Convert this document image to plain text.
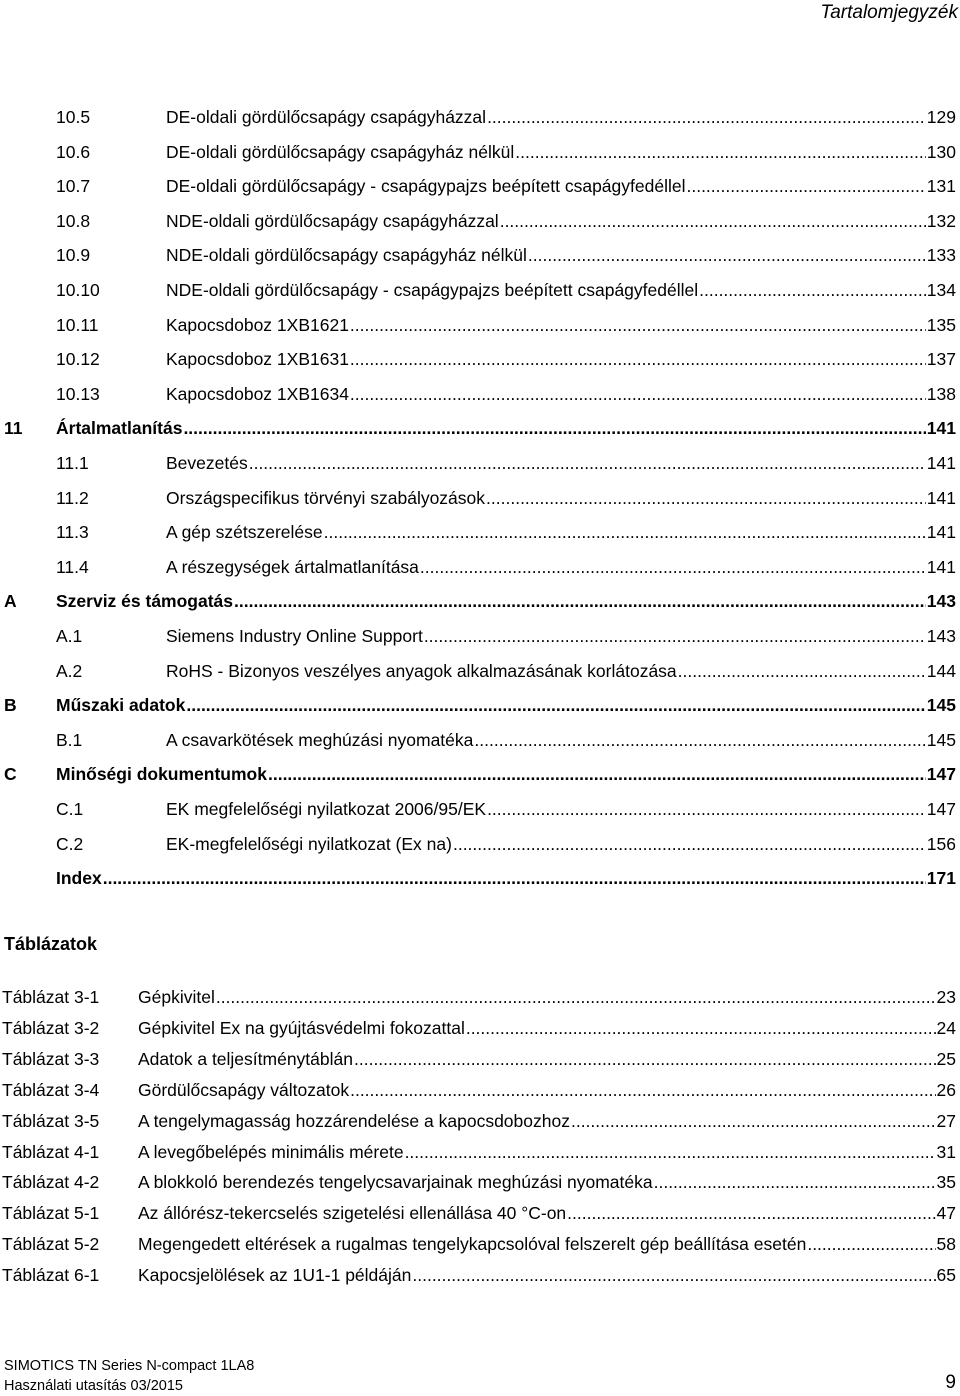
Tartalomjegyzék
10.5	DE-oldali gördülőcsapágy csapágyházzal .....	129
10.6	DE-oldali gördülőcsapágy csapágyház nélkül .....	130
10.7	DE-oldali gördülőcsapágy - csapágypajzs beépített csapágyfedéllel .....	131
10.8	NDE-oldali gördülőcsapágy csapágyházzal .....	132
10.9	NDE-oldali gördülőcsapágy csapágyház nélkül .....	133
10.10	NDE-oldali gördülőcsapágy - csapágypajzs beépített csapágyfedéllel .....	134
10.11	Kapocsdoboz 1XB1621 .....	135
10.12	Kapocsdoboz 1XB1631 .....	137
10.13	Kapocsdoboz 1XB1634 .....	138
11 Ártalmatlanítás .....	141
11.1	Bevezetés .....	141
11.2	Országspecifikus törvényi szabályozások .....	141
11.3	A gép szétszerelése .....	141
11.4	A részegységek ártalmatlanítása .....	141
A Szerviz és támogatás .....	143
A.1	Siemens Industry Online Support .....	143
A.2	RoHS - Bizonyos veszélyes anyagok alkalmazásának korlátozása .....	144
B Műszaki adatok .....	145
B.1	A csavarkötések meghúzási nyomatéka .....	145
C Minőségi dokumentumok .....	147
C.1	EK megfelelőségi nyilatkozat 2006/95/EK .....	147
C.2	EK-megfelelőségi nyilatkozat (Ex na) .....	156
Index .....	171
Táblázatok
Táblázat 3-1 Gépkivitel .....	23
Táblázat 3-2 Gépkivitel Ex na gyújtásvédelmi fokozattal .....	24
Táblázat 3-3 Adatok a teljesítménytáblán .....	25
Táblázat 3-4 Gördülőcsapágy változatok .....	26
Táblázat 3-5 A tengelymagasság hozzárendelése a kapocsdobozhoz .....	27
Táblázat 4-1 A levegőbelépés minimális mérete .....	31
Táblázat 4-2 A blokkoló berendezés tengelycsavarjainak meghúzási nyomatéka .....	35
Táblázat 5-1 Az állórész-tekercselés szigetelési ellenállása 40 °C-on .....	47
Táblázat 5-2 Megengedett eltérések a rugalmas tengelykapcsolóval felszerelt gép beállítása esetén .....	58
Táblázat 6-1 Kapocsjelölések az 1U1-1 példáján .....	65
SIMOTICS TN Series N-compact 1LA8
Használati utasítás 03/2015	9
